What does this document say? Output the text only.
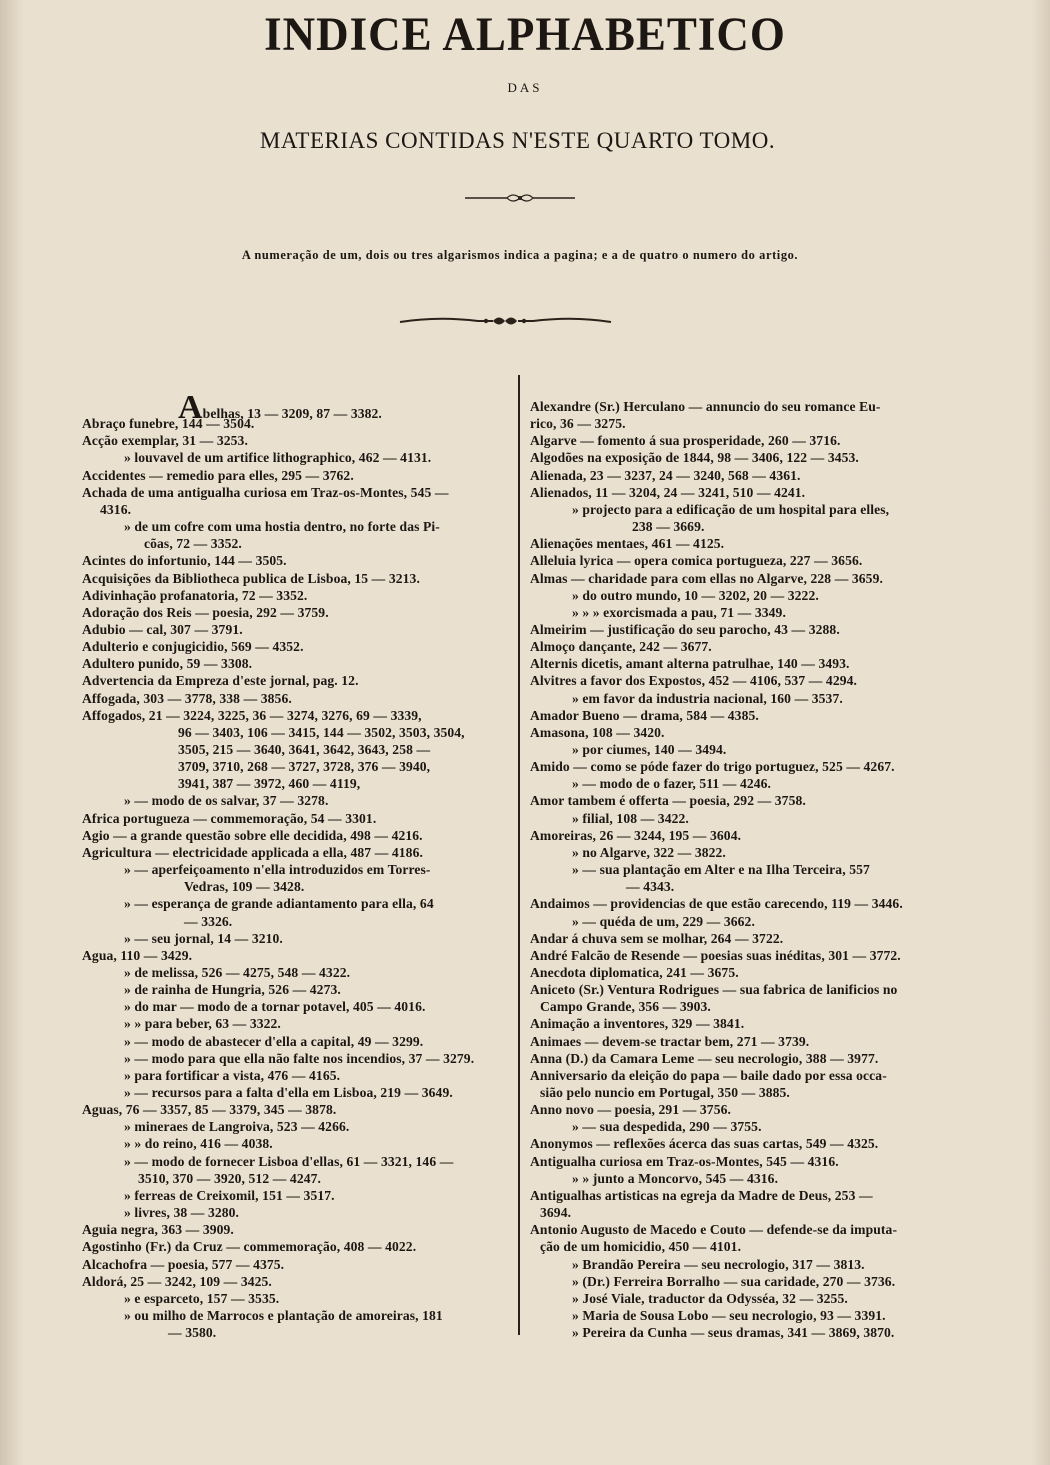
INDICE ALPHABETICO
DAS
MATERIAS CONTIDAS N'ESTE QUARTO TOMO.
A numeração de um, dois ou tres algarismos indica a pagina; e a de quatro o numero do artigo.
Abelhas, 13 — 3209, 87 — 3382.
Abraço funebre, 144 — 3504.
Acção exemplar, 31 — 3253.
» louvavel de um artifice lithographico, 462 — 4131.
Accidentes — remedio para elles, 295 — 3762.
Achada de uma antigualha curiosa em Traz-os-Montes, 545 —
4316.
» de um cofre com uma hostia dentro, no forte das Pi-
cõas, 72 — 3352.
Acintes do infortunio, 144 — 3505.
Acquisições da Bibliotheca publica de Lisboa, 15 — 3213.
Adivinhação profanatoria, 72 — 3352.
Adoração dos Reis — poesia, 292 — 3759.
Adubio — cal, 307 — 3791.
Adulterio e conjugicidio, 569 — 4352.
Adultero punido, 59 — 3308.
Advertencia da Empreza d'este jornal, pag. 12.
Affogada, 303 — 3778, 338 — 3856.
Affogados, 21 — 3224, 3225, 36 — 3274, 3276, 69 — 3339,
96 — 3403, 106 — 3415, 144 — 3502, 3503, 3504,
3505, 215 — 3640, 3641, 3642, 3643, 258 —
3709, 3710, 268 — 3727, 3728, 376 — 3940,
3941, 387 — 3972, 460 — 4119,
» — modo de os salvar, 37 — 3278.
Africa portugueza — commemoração, 54 — 3301.
Agio — a grande questão sobre elle decidida, 498 — 4216.
Agricultura — electricidade applicada a ella, 487 — 4186.
» — aperfeiçoamento n'ella introduzidos em Torres-
Vedras, 109 — 3428.
» — esperança de grande adiantamento para ella, 64
— 3326.
» — seu jornal, 14 — 3210.
Agua, 110 — 3429.
» de melissa, 526 — 4275, 548 — 4322.
» de rainha de Hungria, 526 — 4273.
» do mar — modo de a tornar potavel, 405 — 4016.
» » para beber, 63 — 3322.
» — modo de abastecer d'ella a capital, 49 — 3299.
» — modo para que ella não falte nos incendios, 37 — 3279.
» para fortificar a vista, 476 — 4165.
» — recursos para a falta d'ella em Lisboa, 219 — 3649.
Aguas, 76 — 3357, 85 — 3379, 345 — 3878.
» mineraes de Langroiva, 523 — 4266.
» » do reino, 416 — 4038.
» — modo de fornecer Lisboa d'ellas, 61 — 3321, 146 —
3510, 370 — 3920, 512 — 4247.
» ferreas de Creixomil, 151 — 3517.
» livres, 38 — 3280.
Aguia negra, 363 — 3909.
Agostinho (Fr.) da Cruz — commemoração, 408 — 4022.
Alcachofra — poesia, 577 — 4375.
Aldorá, 25 — 3242, 109 — 3425.
» e esparceto, 157 — 3535.
» ou milho de Marrocos e plantação de amoreiras, 181
— 3580.
Alexandre (Sr.) Herculano — annuncio do seu romance Eu-
rico, 36 — 3275.
Algarve — fomento á sua prosperidade, 260 — 3716.
Algodões na exposição de 1844, 98 — 3406, 122 — 3453.
Alienada, 23 — 3237, 24 — 3240, 568 — 4361.
Alienados, 11 — 3204, 24 — 3241, 510 — 4241.
» projecto para a edificação de um hospital para elles,
238 — 3669.
Alienações mentaes, 461 — 4125.
Alleluia lyrica — opera comica portugueza, 227 — 3656.
Almas — charidade para com ellas no Algarve, 228 — 3659.
» do outro mundo, 10 — 3202, 20 — 3222.
» » » exorcismada a pau, 71 — 3349.
Almeirim — justificação do seu parocho, 43 — 3288.
Almoço dançante, 242 — 3677.
Alternis dicetis, amant alterna patrulhae, 140 — 3493.
Alvitres a favor dos Expostos, 452 — 4106, 537 — 4294.
» em favor da industria nacional, 160 — 3537.
Amador Bueno — drama, 584 — 4385.
Amasona, 108 — 3420.
» por ciumes, 140 — 3494.
Amido — como se póde fazer do trigo portuguez, 525 — 4267.
» — modo de o fazer, 511 — 4246.
Amor tambem é offerta — poesia, 292 — 3758.
» filial, 108 — 3422.
Amoreiras, 26 — 3244, 195 — 3604.
» no Algarve, 322 — 3822.
» — sua plantação em Alter e na Ilha Terceira, 557
— 4343.
Andaimos — providencias de que estão carecendo, 119 — 3446.
» — quéda de um, 229 — 3662.
Andar á chuva sem se molhar, 264 — 3722.
André Falcão de Resende — poesias suas inéditas, 301 — 3772.
Anecdota diplomatica, 241 — 3675.
Aniceto (Sr.) Ventura Rodrigues — sua fabrica de lanificios no
Campo Grande, 356 — 3903.
Animação a inventores, 329 — 3841.
Animaes — devem-se tractar bem, 271 — 3739.
Anna (D.) da Camara Leme — seu necrologio, 388 — 3977.
Anniversario da eleição do papa — baile dado por essa occa-
sião pelo nuncio em Portugal, 350 — 3885.
Anno novo — poesia, 291 — 3756.
» — sua despedida, 290 — 3755.
Anonymos — reflexões ácerca das suas cartas, 549 — 4325.
Antigualha curiosa em Traz-os-Montes, 545 — 4316.
» » junto a Moncorvo, 545 — 4316.
Antigualhas artisticas na egreja da Madre de Deus, 253 —
3694.
Antonio Augusto de Macedo e Couto — defende-se da imputa-
ção de um homicidio, 450 — 4101.
» Brandão Pereira — seu necrologio, 317 — 3813.
» (Dr.) Ferreira Borralho — sua caridade, 270 — 3736.
» José Viale, traductor da Odysséa, 32 — 3255.
» Maria de Sousa Lobo — seu necrologio, 93 — 3391.
» Pereira da Cunha — seus dramas, 341 — 3869, 3870.
